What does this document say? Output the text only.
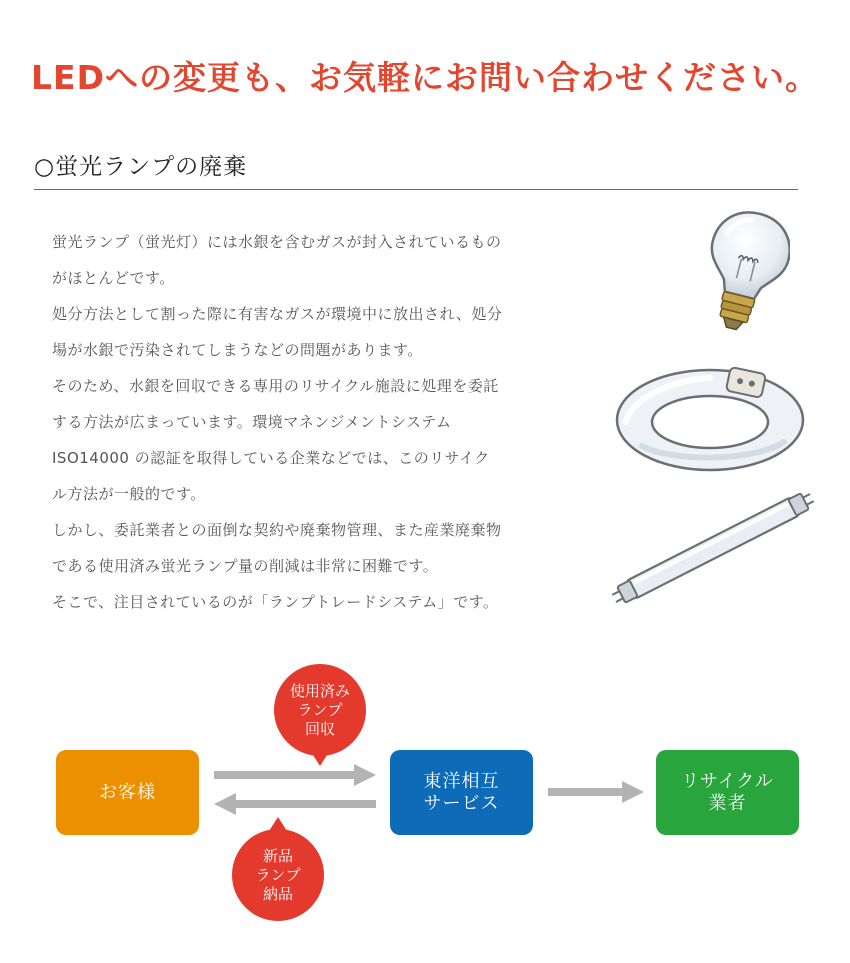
LEDへの変更も、お気軽にお問い合わせください。
○蛍光ランプの廃棄

蛍光ランプ（蛍光灯）には水銀を含むガスが封入されているもの

がほとんどです。

処分方法として割った際に有害なガスが環境中に放出され、処分

場が水銀で汚染されてしまうなどの問題があります。

そのため、水銀を回収できる専用のリサイクル施設に処理を委託

する方法が広まっています。環境マネンジメントシステム

ISO14000 の認証を取得している企業などでは、このリサイク

ル方法が一般的です。

しかし、委託業者との面倒な契約や廃棄物管理、また産業廃棄物

である使用済み蛍光ランプ量の削減は非常に困難です。

そこで、注目されているのが「ランプトレードシステム」です。

お客様
東洋相互
サービス
リサイクル
業者
使用済み
ランプ
回収
新品
ランプ
納品
